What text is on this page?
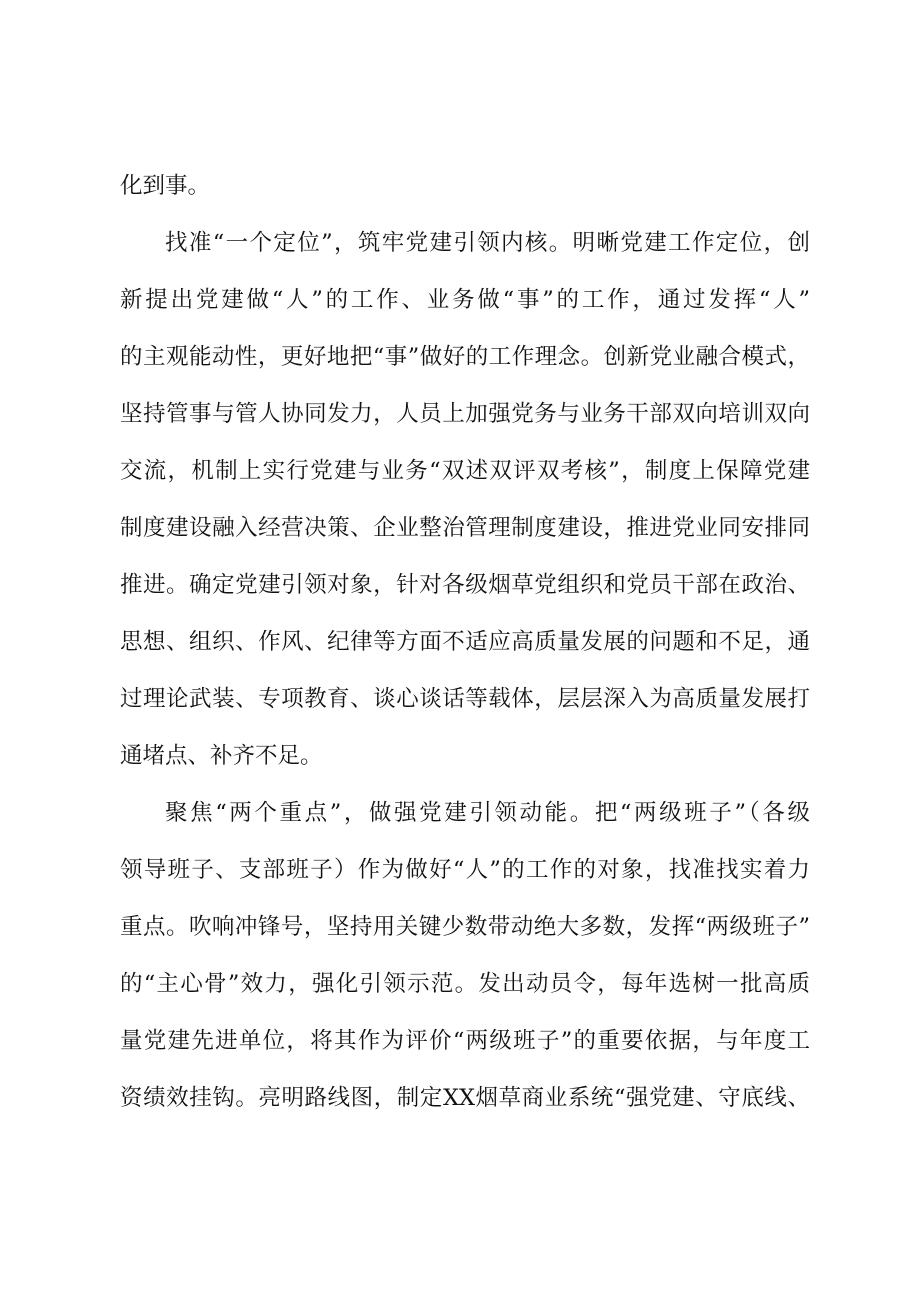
化到事。
找准“一个定位”，筑牢党建引领内核。明晰党建工作定位，创
新提出党建做“人”的工作、业务做“事”的工作，通过发挥“人”
的主观能动性，更好地把“事”做好的工作理念。创新党业融合模式，
坚持管事与管人协同发力，人员上加强党务与业务干部双向培训双向
交流，机制上实行党建与业务“双述双评双考核”，制度上保障党建
制度建设融入经营决策、企业整治管理制度建设，推进党业同安排同
推进。确定党建引领对象，针对各级烟草党组织和党员干部在政治、
思想、组织、作风、纪律等方面不适应高质量发展的问题和不足，通
过理论武装、专项教育、谈心谈话等载体，层层深入为高质量发展打
通堵点、补齐不足。
聚焦“两个重点”，做强党建引领动能。把“两级班子”（各级
领导班子、支部班子）作为做好“人”的工作的对象，找准找实着力
重点。吹响冲锋号，坚持用关键少数带动绝大多数，发挥“两级班子”
的“主心骨”效力，强化引领示范。发出动员令，每年选树一批高质
量党建先进单位，将其作为评价“两级班子”的重要依据，与年度工
资绩效挂钩。亮明路线图，制定XX烟草商业系统“强党建、守底线、
